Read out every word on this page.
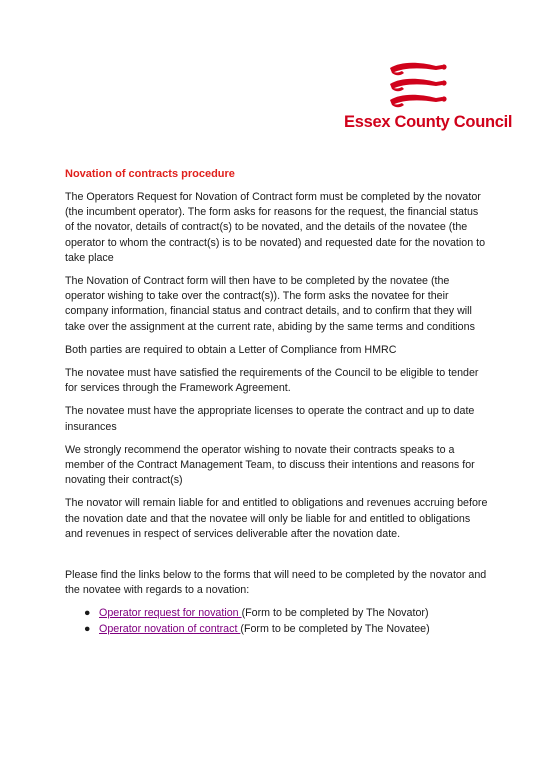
Essex County Council
Novation of contracts procedure

The Operators Request for Novation of Contract form must be completed by the novator (the incumbent operator). The form asks for reasons for the request, the financial status of the novator, details of contract(s) to be novated, and the details of the novatee (the operator to whom the contract(s) is to be novated) and requested date for the novation to take place

The Novation of Contract form will then have to be completed by the novatee (the operator wishing to take over the contract(s)). The form asks the novatee for their company information, financial status and contract details, and to confirm that they will take over the assignment at the current rate, abiding by the same terms and conditions

Both parties are required to obtain a Letter of Compliance from HMRC

The novatee must have satisfied the requirements of the Council to be eligible to tender for services through the Framework Agreement.

The novatee must have the appropriate licenses to operate the contract and up to date insurances

We strongly recommend the operator wishing to novate their contracts speaks to a member of the Contract Management Team, to discuss their intentions and reasons for novating their contract(s)

The novator will remain liable for and entitled to obligations and revenues accruing before the novation date and that the novatee will only be liable for and entitled to obligations and revenues in respect of services deliverable after the novation date.

Please find the links below to the forms that will need to be completed by the novator and the novatee with regards to a novation:

● Operator request for novation (Form to be completed by The Novator)
● Operator novation of contract (Form to be completed by The Novatee)
